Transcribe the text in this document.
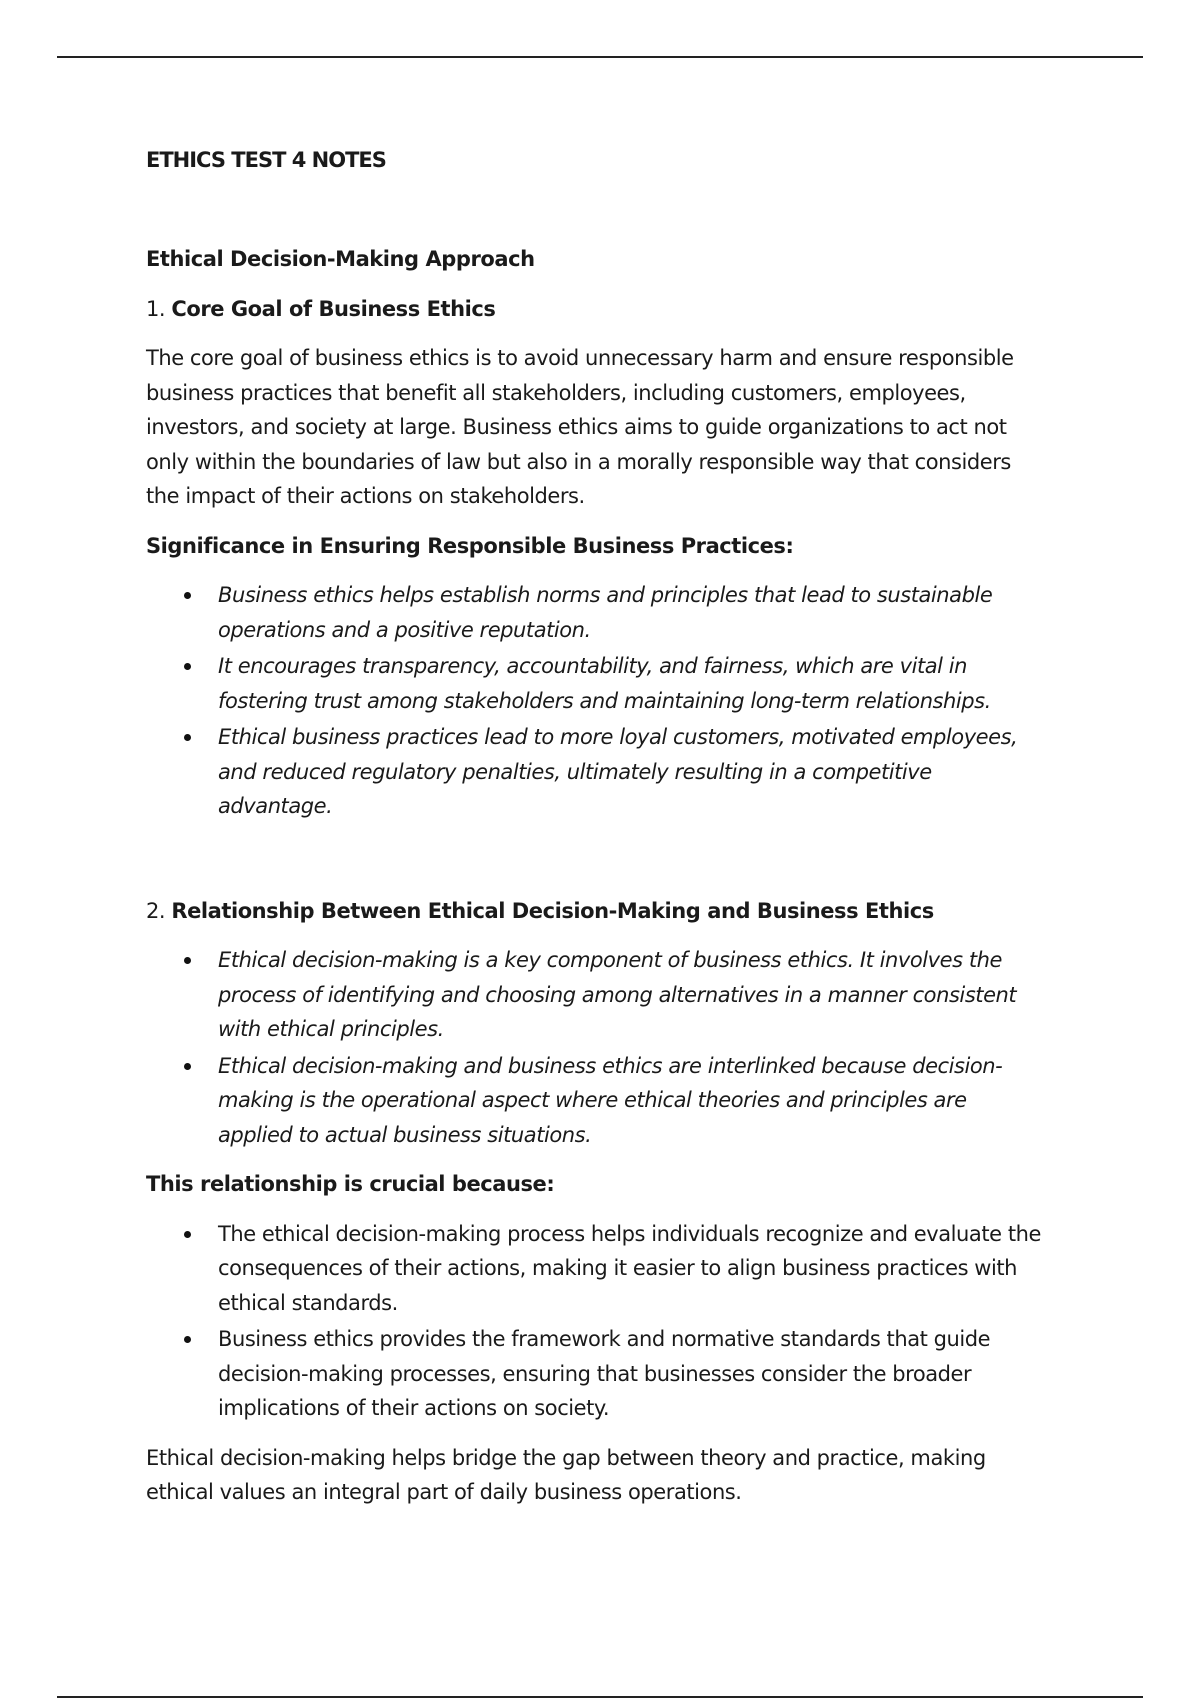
ETHICS TEST 4 NOTES
Ethical Decision-Making Approach
1. Core Goal of Business Ethics
The core goal of business ethics is to avoid unnecessary harm and ensure responsible business practices that benefit all stakeholders, including customers, employees, investors, and society at large. Business ethics aims to guide organizations to act not only within the boundaries of law but also in a morally responsible way that considers the impact of their actions on stakeholders.
Significance in Ensuring Responsible Business Practices:
Business ethics helps establish norms and principles that lead to sustainable operations and a positive reputation.
It encourages transparency, accountability, and fairness, which are vital in fostering trust among stakeholders and maintaining long-term relationships.
Ethical business practices lead to more loyal customers, motivated employees, and reduced regulatory penalties, ultimately resulting in a competitive advantage.
2. Relationship Between Ethical Decision-Making and Business Ethics
Ethical decision-making is a key component of business ethics. It involves the process of identifying and choosing among alternatives in a manner consistent with ethical principles.
Ethical decision-making and business ethics are interlinked because decision-making is the operational aspect where ethical theories and principles are applied to actual business situations.
This relationship is crucial because:
The ethical decision-making process helps individuals recognize and evaluate the consequences of their actions, making it easier to align business practices with ethical standards.
Business ethics provides the framework and normative standards that guide decision-making processes, ensuring that businesses consider the broader implications of their actions on society.
Ethical decision-making helps bridge the gap between theory and practice, making ethical values an integral part of daily business operations.
